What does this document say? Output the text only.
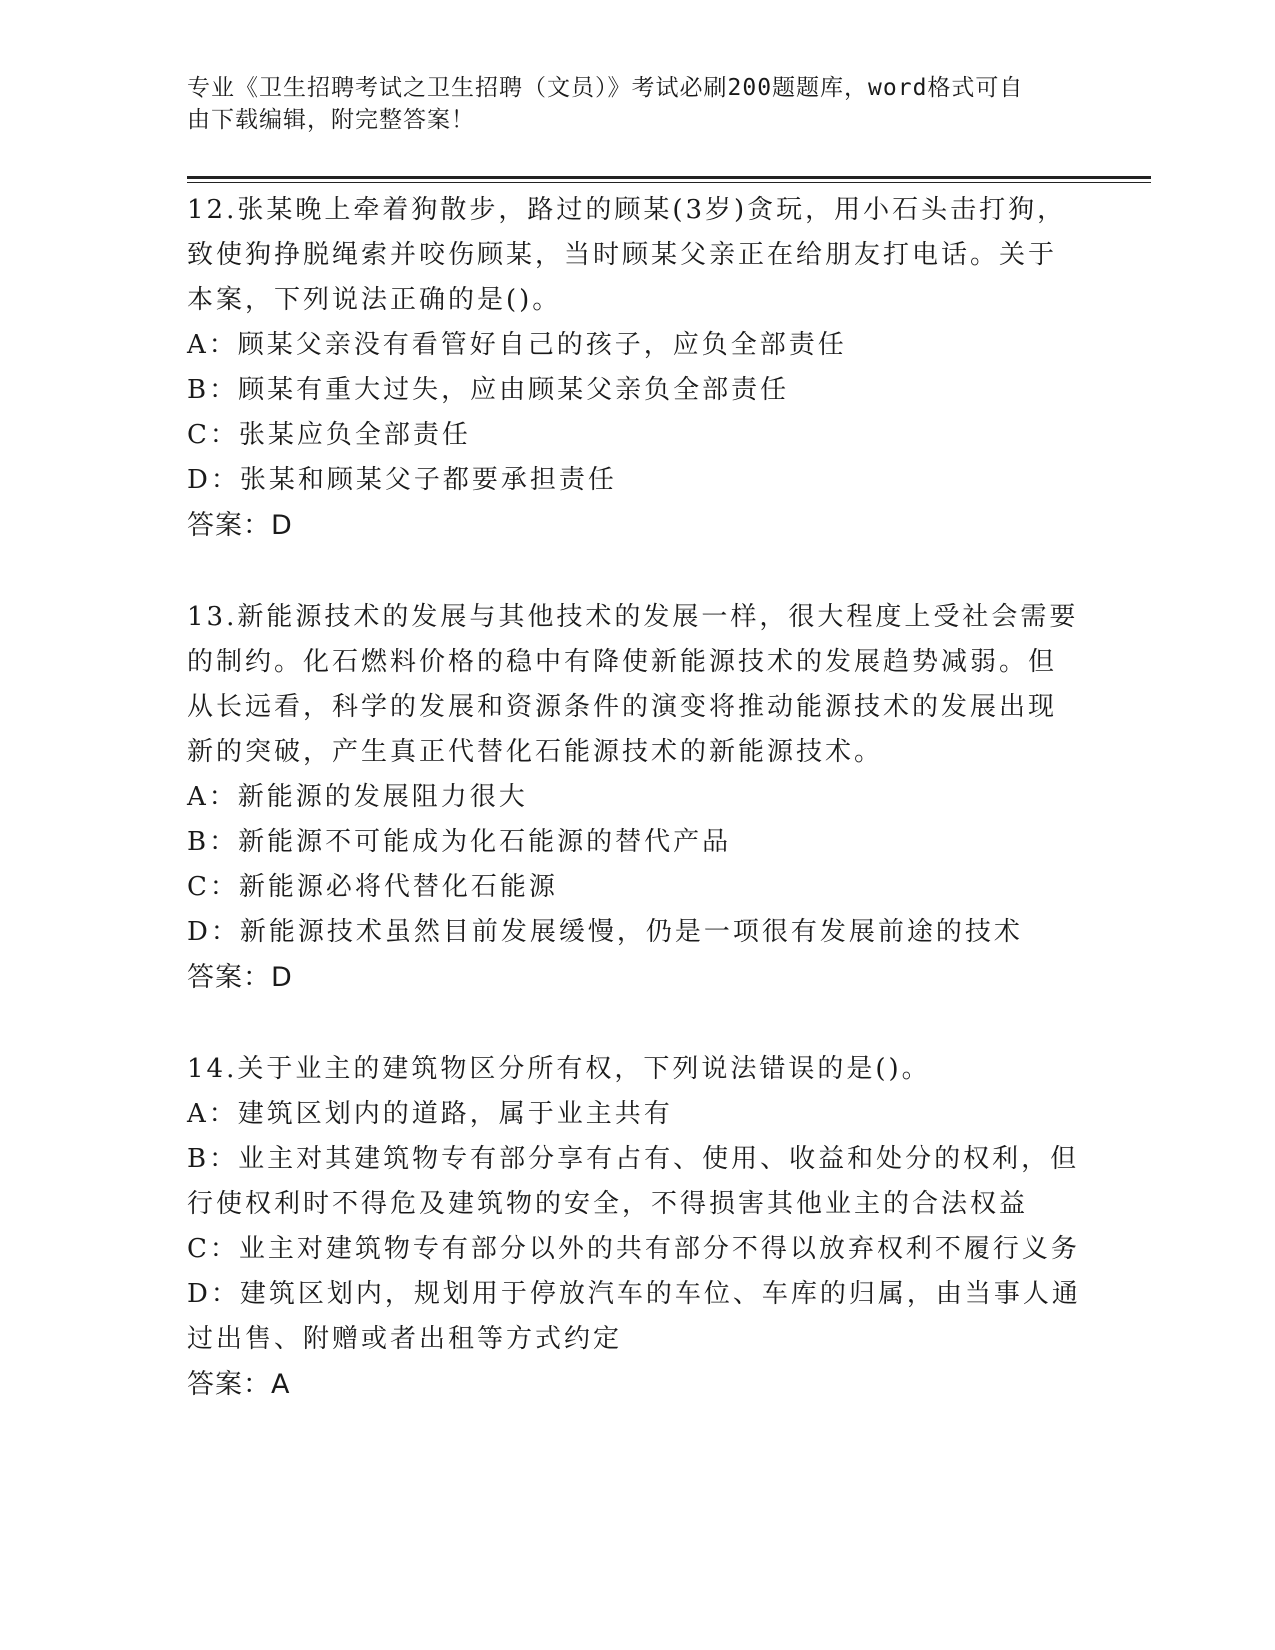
专业《卫生招聘考试之卫生招聘（文员）》考试必刷200题题库，word格式可自
由下载编辑，附完整答案！
12.张某晚上牵着狗散步，路过的顾某(3岁)贪玩，用小石头击打狗，
致使狗挣脱绳索并咬伤顾某，当时顾某父亲正在给朋友打电话。关于
本案，下列说法正确的是()。
A：顾某父亲没有看管好自己的孩子，应负全部责任
B：顾某有重大过失，应由顾某父亲负全部责任
C：张某应负全部责任
D：张某和顾某父子都要承担责任
答案：D
13.新能源技术的发展与其他技术的发展一样，很大程度上受社会需要
的制约。化石燃料价格的稳中有降使新能源技术的发展趋势减弱。但
从长远看，科学的发展和资源条件的演变将推动能源技术的发展出现
新的突破，产生真正代替化石能源技术的新能源技术。
A：新能源的发展阻力很大
B：新能源不可能成为化石能源的替代产品
C：新能源必将代替化石能源
D：新能源技术虽然目前发展缓慢，仍是一项很有发展前途的技术
答案：D
14.关于业主的建筑物区分所有权，下列说法错误的是()。
A：建筑区划内的道路，属于业主共有
B：业主对其建筑物专有部分享有占有、使用、收益和处分的权利，但
行使权利时不得危及建筑物的安全，不得损害其他业主的合法权益
C：业主对建筑物专有部分以外的共有部分不得以放弃权利不履行义务
D：建筑区划内，规划用于停放汽车的车位、车库的归属，由当事人通
过出售、附赠或者出租等方式约定
答案：A
